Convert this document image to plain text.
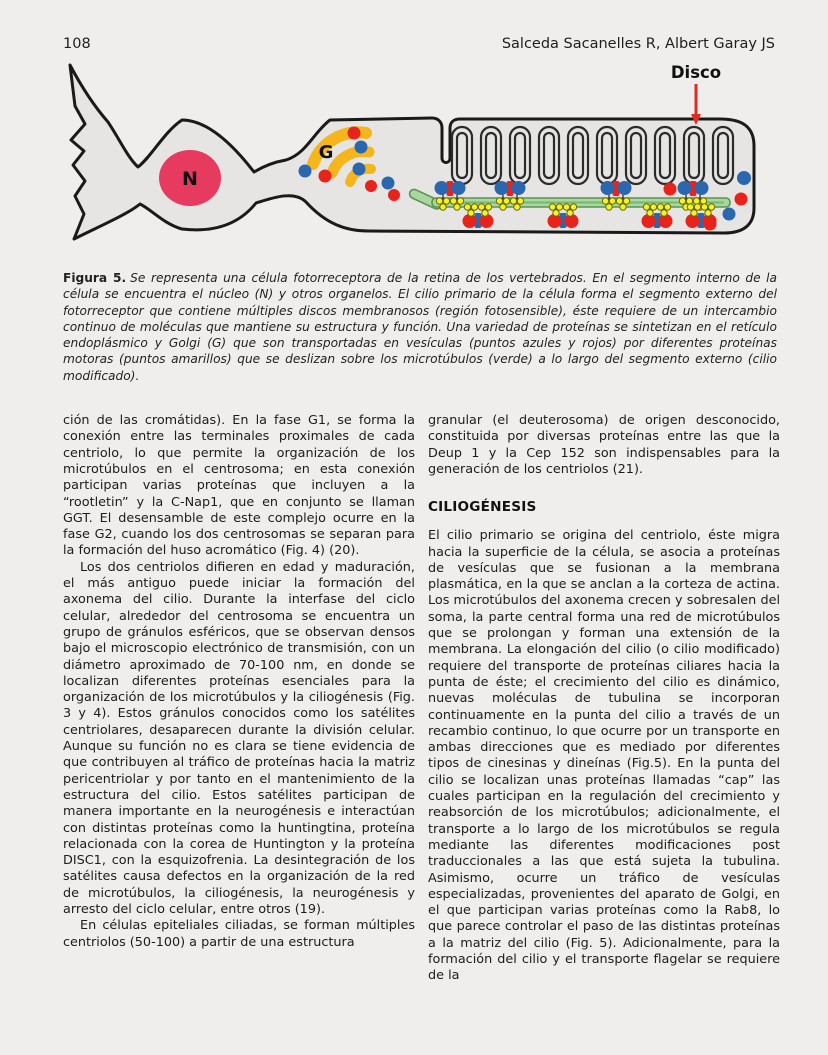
108	Salceda Sacanelles R, Albert Garay JS
N
G
Disco

Figura 5. Se representa una célula fotorreceptora de la retina de los vertebrados. En el segmento interno de la célula se encuentra el núcleo (N) y otros organelos. El cilio primario de la célula forma el segmento externo del fotorreceptor que contiene múltiples discos membranosos (región fotosensible), éste requiere de un intercambio continuo de moléculas que mantiene su estructura y función. Una variedad de proteínas se sintetizan en el retículo endoplásmico y Golgi (G) que son transportadas en vesículas (puntos azules y rojos) por diferentes proteínas motoras (puntos amarillos) que se deslizan sobre los microtúbulos (verde) a lo largo del segmento externo (cilio modificado).

ción de las cromátidas). En la fase G1, se forma la conexión entre las terminales proximales de cada centriolo, lo que permite la organización de los microtúbulos en el centrosoma; en esta conexión participan varias proteínas que incluyen a la “rootletin” y la C-Nap1, que en conjunto se llaman GGT. El desensamble de este complejo ocurre en la fase G2, cuando los dos centrosomas se separan para la formación del huso acromático (Fig. 4) (20).

Los dos centriolos difieren en edad y maduración, el más antiguo puede iniciar la formación del axonema del cilio. Durante la interfase del ciclo celular, alrededor del centrosoma se encuentra un grupo de gránulos esféricos, que se observan densos bajo el microscopio electrónico de transmisión, con un diámetro aproximado de 70-100 nm, en donde se localizan diferentes proteínas esenciales para la organización de los microtúbulos y la ciliogénesis (Fig. 3 y 4). Estos gránulos conocidos como los satélites centriolares, desaparecen durante la división celular. Aunque su función no es clara se tiene evidencia de que contribuyen al tráfico de proteínas hacia la matriz pericentriolar y por tanto en el mantenimiento de la estructura del cilio. Estos satélites participan de manera importante en la neurogénesis e interactúan con distintas proteínas como la huntingtina, proteína relacionada con la corea de Huntington y la proteína DISC1, con la esquizofrenia. La desintegración de los satélites causa defectos en la organización de la red de microtúbulos, la ciliogénesis, la neurogénesis y arresto del ciclo celular, entre otros (19).

En células epiteliales ciliadas, se forman múltiples centriolos (50-100) a partir de una estructura

granular (el deuterosoma) de origen desconocido, constituida por diversas proteínas entre las que la Deup 1 y la Cep 152 son indispensables para la generación de los centriolos (21).

CILIOGÉNESIS

El cilio primario se origina del centriolo, éste migra hacia la superficie de la célula, se asocia a proteínas de vesículas que se fusionan a la membrana plasmática, en la que se anclan a la corteza de actina. Los microtúbulos del axonema crecen y sobresalen del soma, la parte central forma una red de microtúbulos que se prolongan y forman una extensión de la membrana. La elongación del cilio (o cilio modificado) requiere del transporte de proteínas ciliares hacia la punta de éste; el crecimiento del cilio es dinámico, nuevas moléculas de tubulina se incorporan continuamente en la punta del cilio a través de un recambio continuo, lo que ocurre por un transporte en ambas direcciones que es mediado por diferentes tipos de cinesinas y dineínas (Fig.5). En la punta del cilio se localizan unas proteínas llamadas “cap” las cuales participan en la regulación del crecimiento y reabsorción de los microtúbulos; adicionalmente, el transporte a lo largo de los microtúbulos se regula mediante las diferentes modificaciones post traduccionales a las que está sujeta la tubulina. Asimismo, ocurre un tráfico de vesículas especializadas, provenientes del aparato de Golgi, en el que participan varias proteínas como la Rab8, lo que parece controlar el paso de las distintas proteínas a la matriz del cilio (Fig. 5). Adicionalmente, para la formación del cilio y el transporte flagelar se requiere de la
